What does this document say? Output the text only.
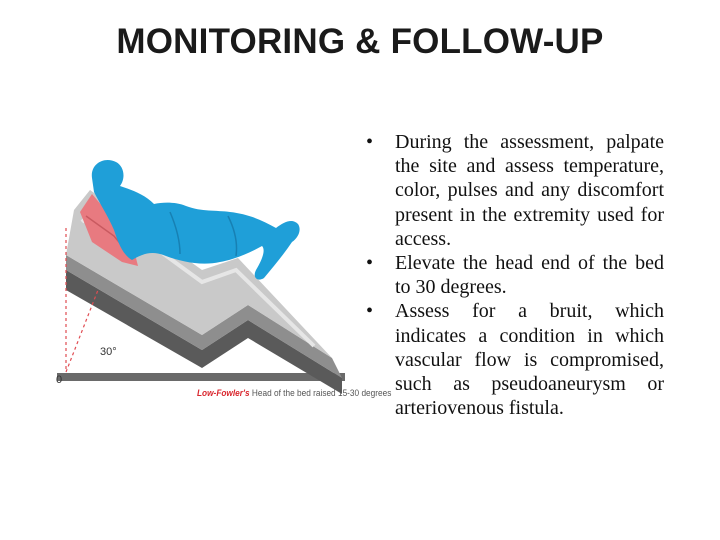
MONITORING & FOLLOW-UP
30°
0
Low-Fowler's Head of the bed raised 15-30 degrees
• During the assessment, palpate the site and assess temperature, color, pulses and any discomfort present in the extremity used for access.
• Elevate the head end of the bed to 30 degrees.
• Assess for a bruit, which indicates a condition in which vascular flow is compromised, such as pseudoaneurysm or arteriovenous fistula.
